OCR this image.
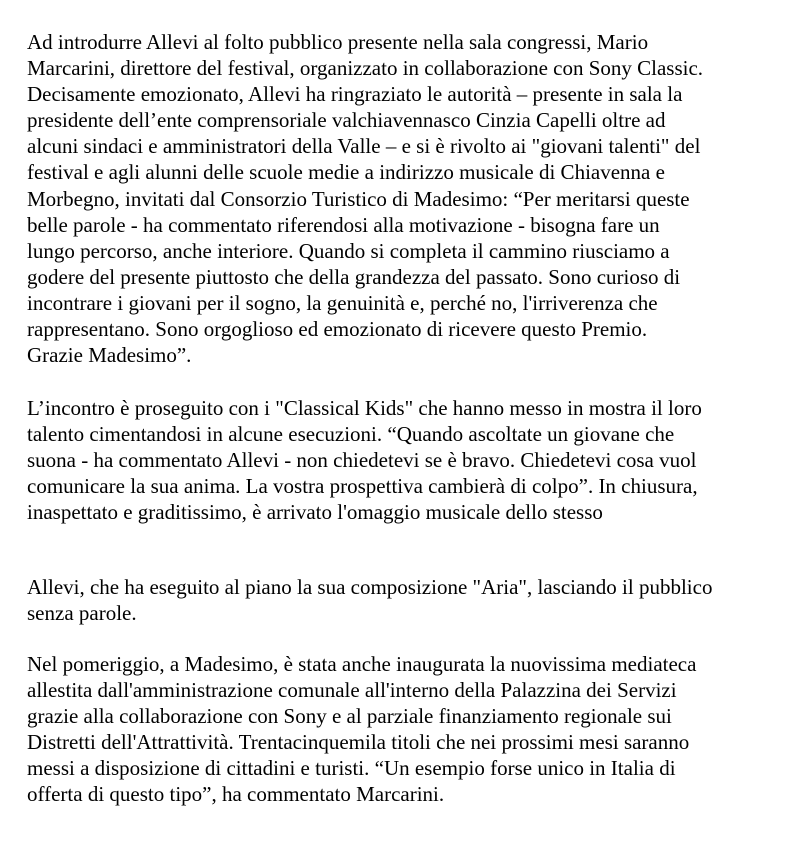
Ad introdurre Allevi al folto pubblico presente nella sala congressi, Mario
Marcarini, direttore del festival, organizzato in collaborazione con Sony Classic.
Decisamente emozionato, Allevi ha ringraziato le autorità – presente in sala la
presidente dell’ente comprensoriale valchiavennasco Cinzia Capelli oltre ad
alcuni sindaci e amministratori della Valle – e si è rivolto ai "giovani talenti" del
festival e agli alunni delle scuole medie a indirizzo musicale di Chiavenna e
Morbegno, invitati dal Consorzio Turistico di Madesimo: “Per meritarsi queste
belle parole - ha commentato riferendosi alla motivazione - bisogna fare un
lungo percorso, anche interiore. Quando si completa il cammino riusciamo a
godere del presente piuttosto che della grandezza del passato. Sono curioso di
incontrare i giovani per il sogno, la genuinità e, perché no, l'irriverenza che
rappresentano. Sono orgoglioso ed emozionato di ricevere questo Premio.
Grazie Madesimo”.

L’incontro è proseguito con i "Classical Kids" che hanno messo in mostra il loro
talento cimentandosi in alcune esecuzioni. “Quando ascoltate un giovane che
suona - ha commentato Allevi - non chiedetevi se è bravo. Chiedetevi cosa vuol
comunicare la sua anima. La vostra prospettiva cambierà di colpo”. In chiusura,
inaspettato e graditissimo, è arrivato l'omaggio musicale dello stesso

Allevi, che ha eseguito al piano la sua composizione "Aria", lasciando il pubblico
senza parole.

Nel pomeriggio, a Madesimo, è stata anche inaugurata la nuovissima mediateca
allestita dall'amministrazione comunale all'interno della Palazzina dei Servizi
grazie alla collaborazione con Sony e al parziale finanziamento regionale sui
Distretti dell'Attrattività. Trentacinquemila titoli che nei prossimi mesi saranno
messi a disposizione di cittadini e turisti. “Un esempio forse unico in Italia di
offerta di questo tipo”, ha commentato Marcarini.
